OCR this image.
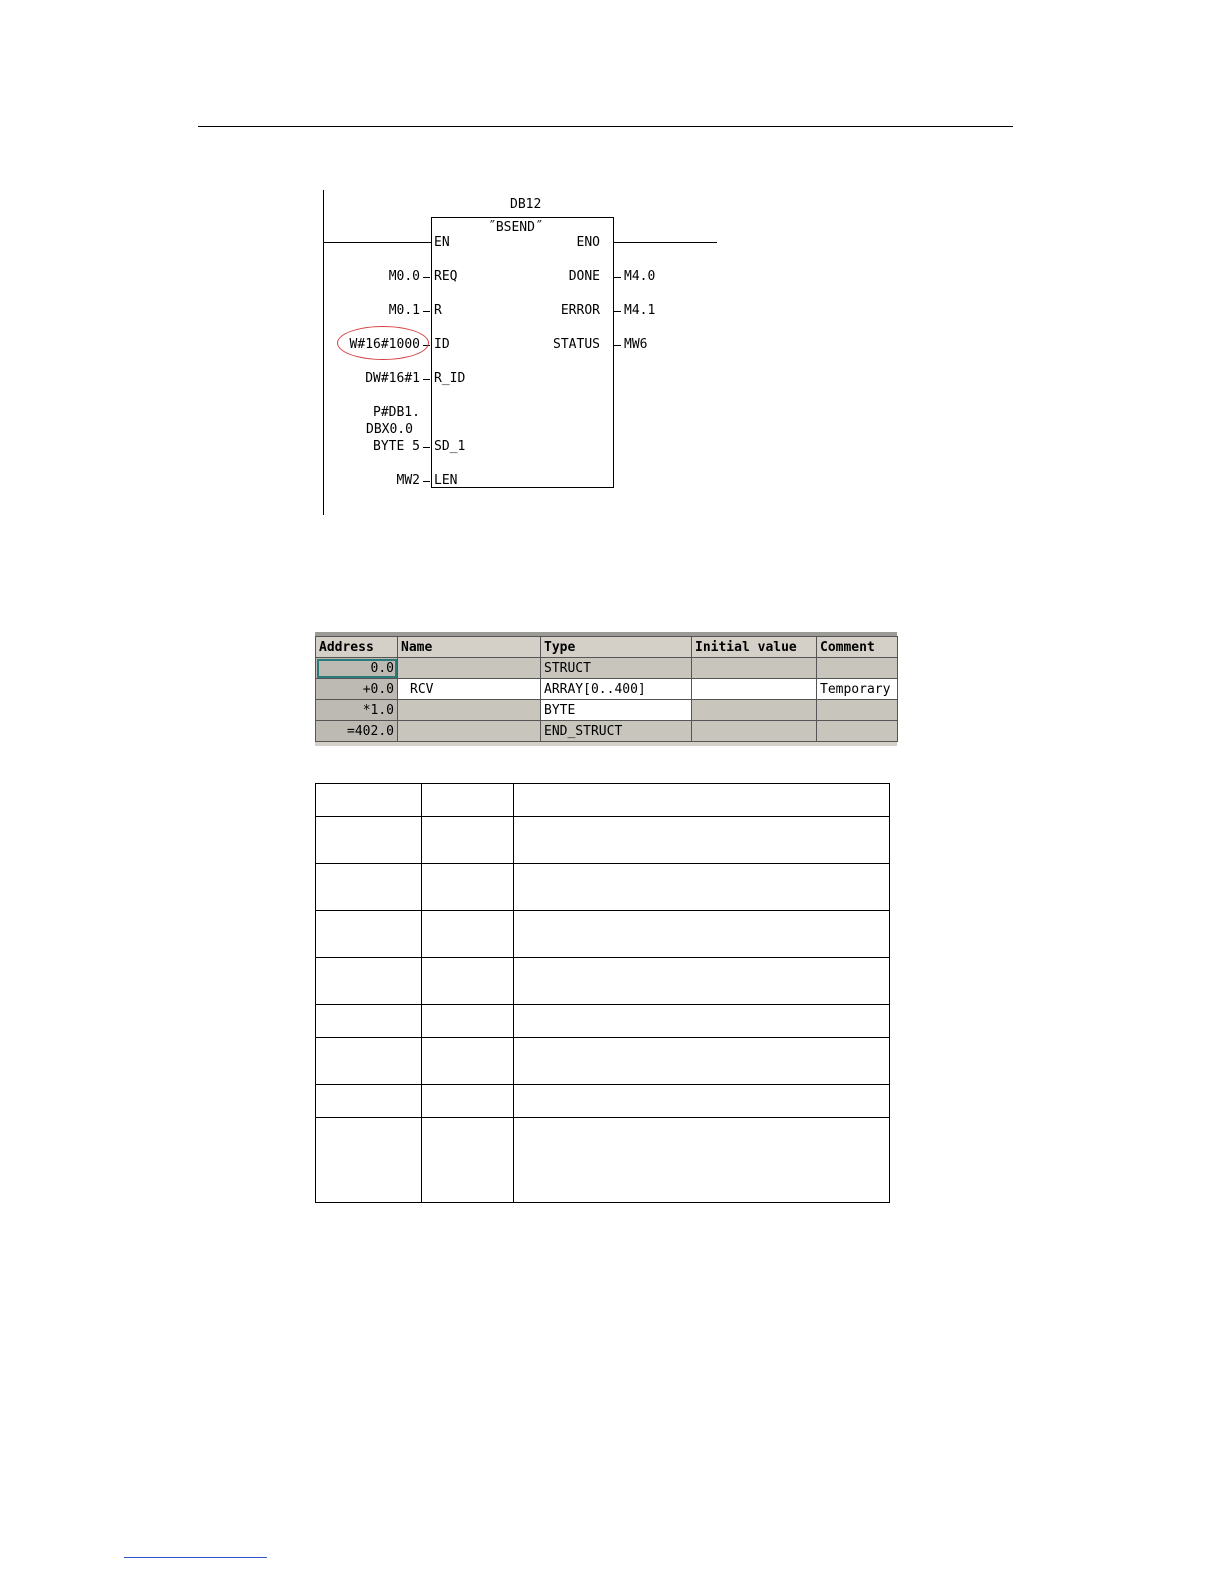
DB12
˝BSEND˝
EN
REQ
R
ID
R_ID
SD_1
LEN
ENO
DONE
ERROR
STATUS
M0.0
M0.1
W#16#1000
DW#16#1
P#DB1.
DBX0.0
BYTE 5
MW2
M4.0
M4.1
MW6
Address	Name	Type	Initial value	Comment
0.0		STRUCT		
+0.0	RCV	ARRAY[0..400]		Temporary
*1.0		BYTE		
=402.0		END_STRUCT		
